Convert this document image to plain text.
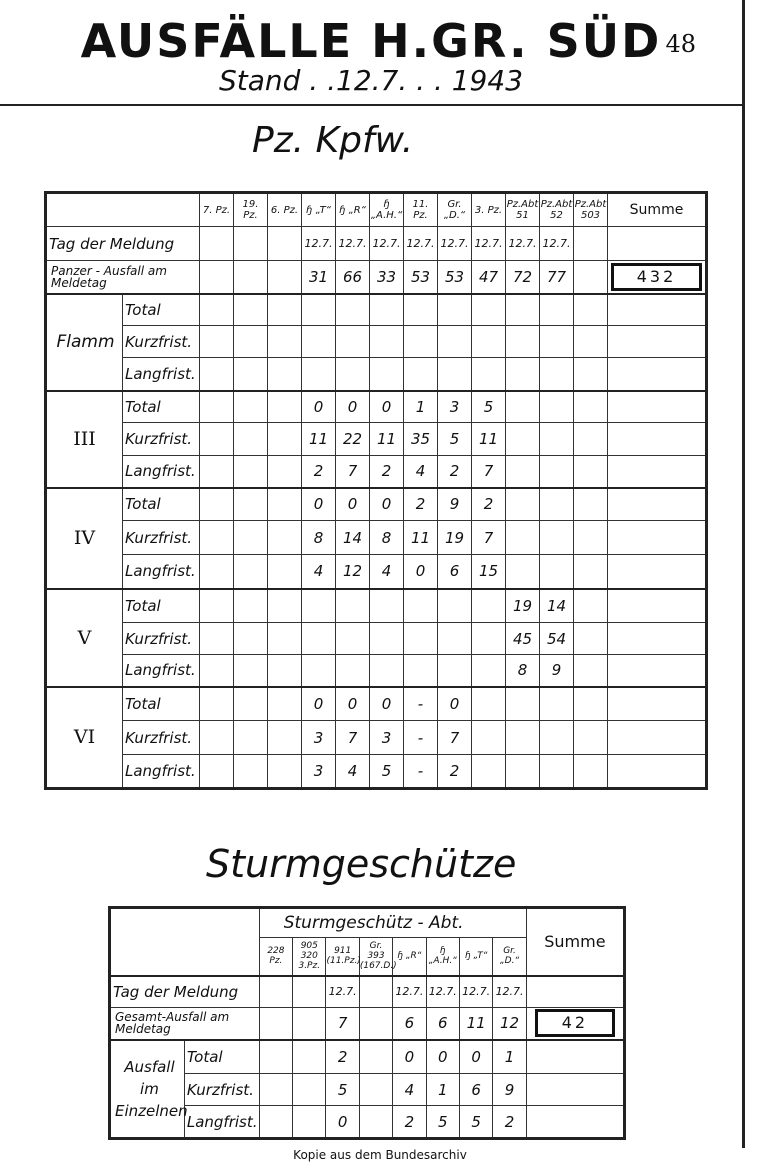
AUSFÄLLE H.GR. SÜD
Stand . .12.7. . . 1943
48
Pz. Kpfw.
		7. Pz.	19. Pz.	6. Pz.	ɧ „T“	ɧ „R“	ɧ „A.H.“	11. Pz.	Gr. „D.“	3. Pz.	Pz.Abt 51	Pz.Abt 52	Pz.Abt 503	Summe
Tag der Meldung					12.7.	12.7.	12.7.	12.7.	12.7.	12.7.	12.7.	12.7.		
Panzer - Ausfall am Meldetag					31	66	33	53	53	47	72	77		432

Flamm	Total													
	Kurzfrist.													
	Langfrist.													
III	Total				0	0	0	1	3	5				
	Kurzfrist.				11	22	11	35	5	11				
	Langfrist.				2	7	2	4	2	7				
IV	Total				0	0	0	2	9	2				
	Kurzfrist.				8	14	8	11	19	7				
	Langfrist.				4	12	4	0	6	15				
V	Total										19	14		
	Kurzfrist.										45	54		
	Langfrist.										8	9		
VI	Total				0	0	0	-	0					
	Kurzfrist.				3	7	3	-	7					
	Langfrist.				3	4	5	-	2					
Sturmgeschütze
		Sturmgeschütz - Abt.								Summe
		228 Pz.	905 320 3.Pz.	911 (11.Pz.)	Gr. 393 (167.D.)	ɧ „R“	ɧ „A.H.“	ɧ „T“	Gr. „D.“	
Tag der Meldung				12.7.		12.7.	12.7.	12.7.	12.7.	
Gesamt-Ausfall am Meldetag				7		6	6	11	12	42

Ausfall im Einzelnen	Total			2		0	0	0	1	
	Kurzfrist.			5		4	1	6	9	
	Langfrist.			0		2	5	5	2	
Kopie aus dem Bundesarchiv
